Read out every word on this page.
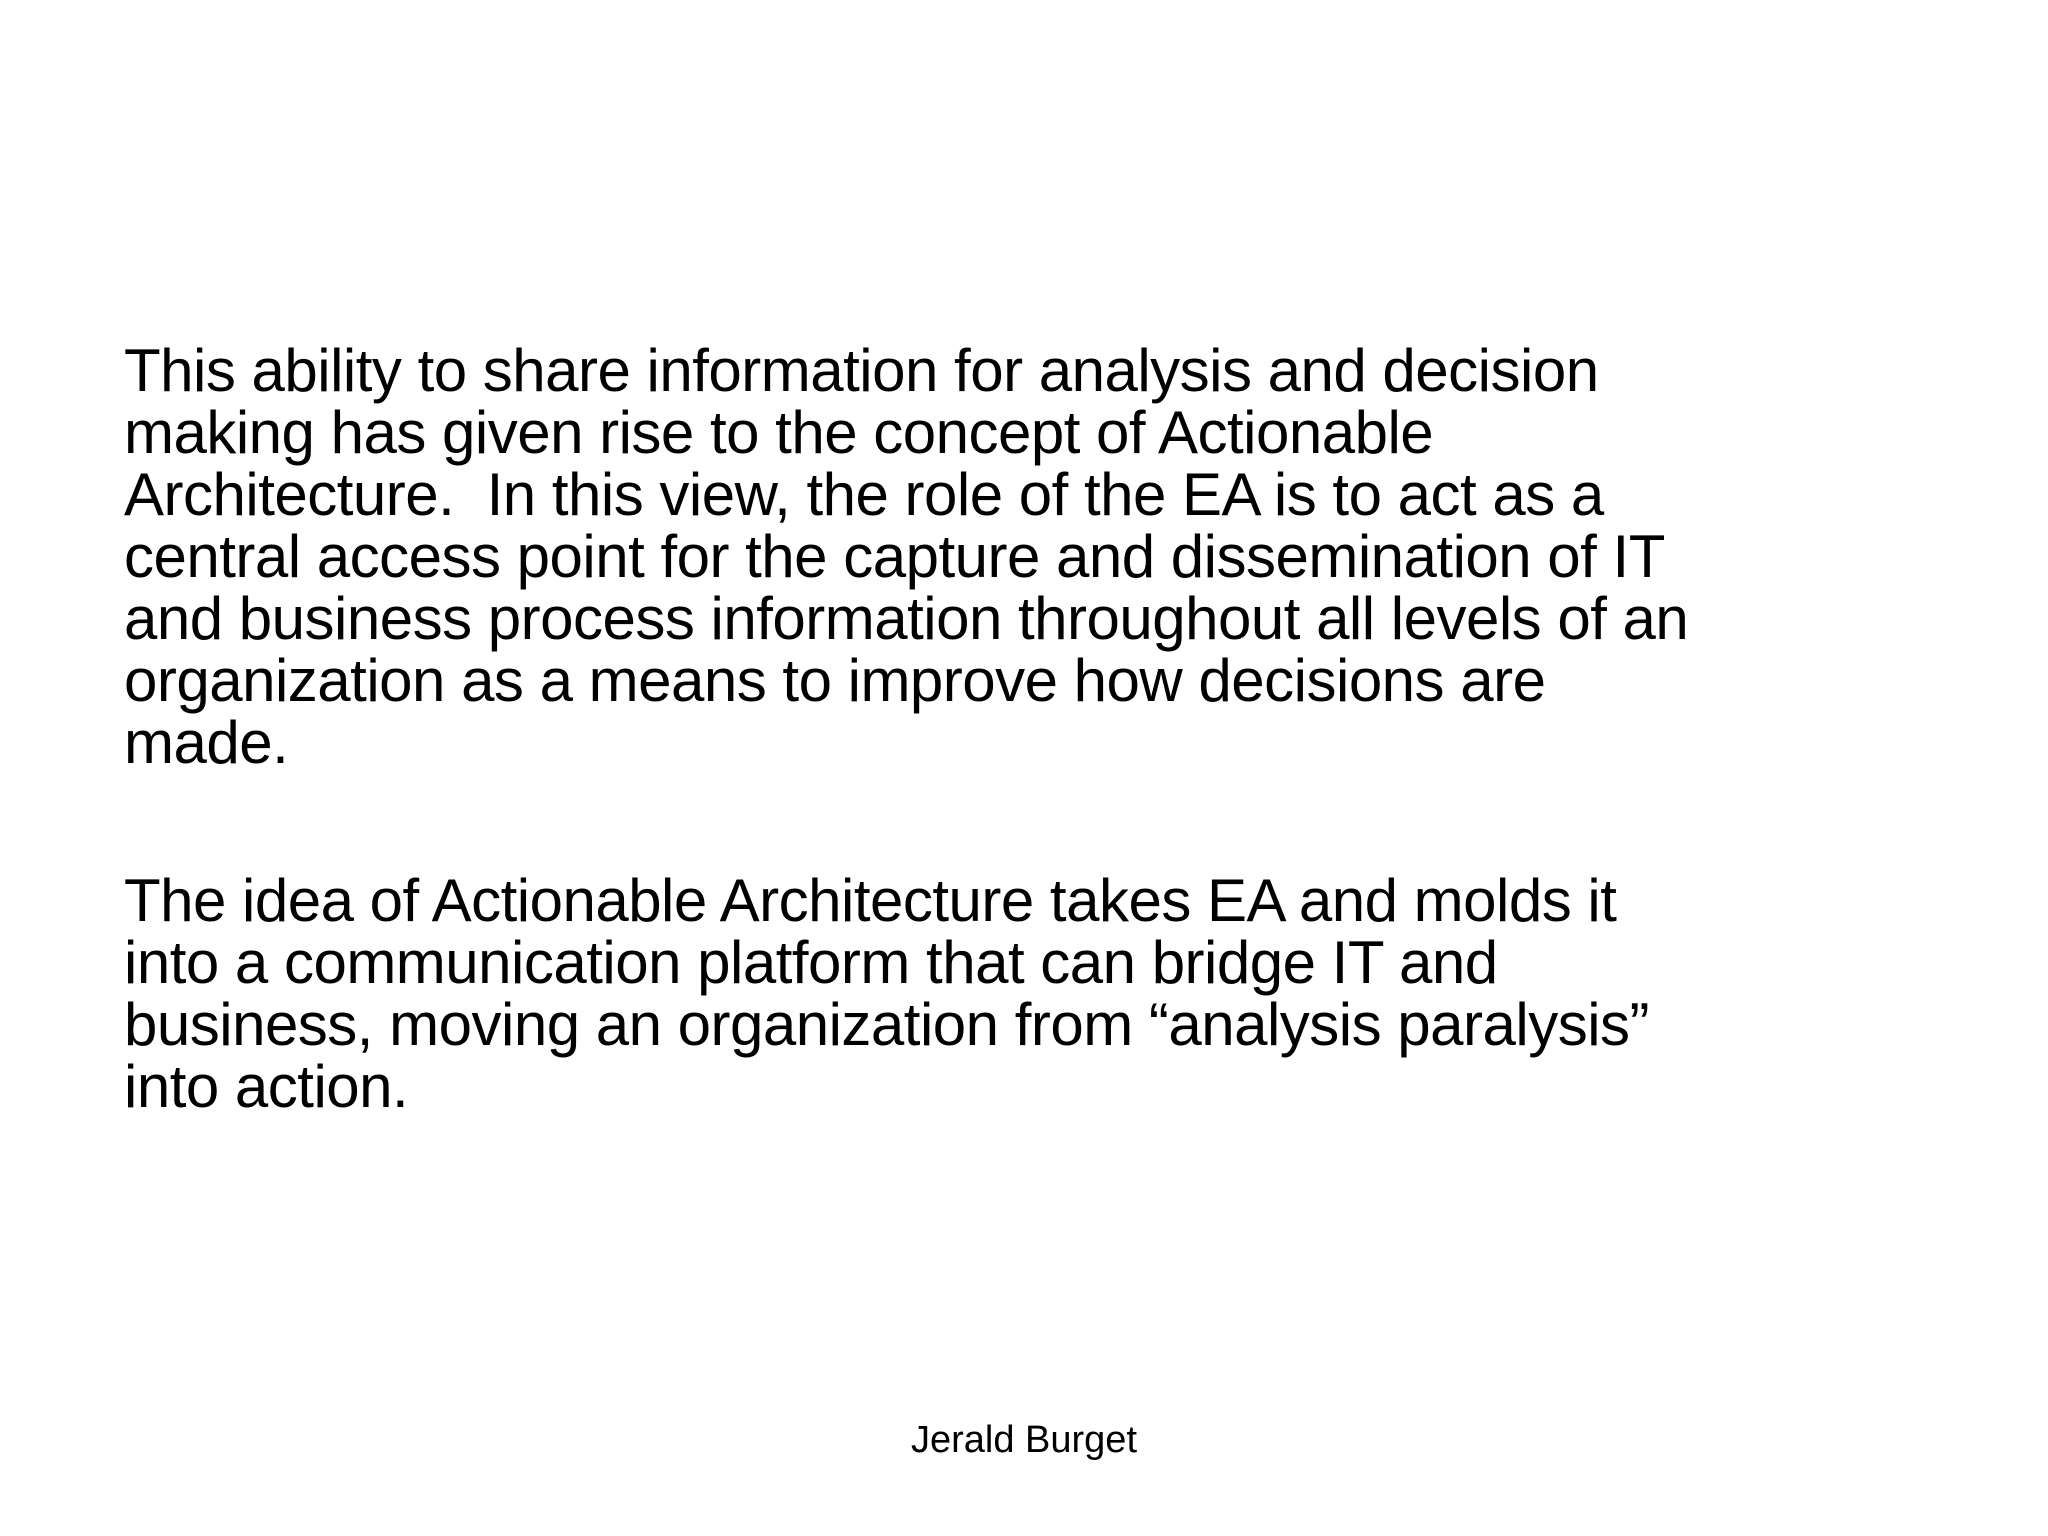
This ability to share information for analysis and decision
making has given rise to the concept of Actionable
Architecture.  In this view, the role of the EA is to act as a
central access point for the capture and dissemination of IT
and business process information throughout all levels of an
organization as a means to improve how decisions are
made.

The idea of Actionable Architecture takes EA and molds it
into a communication platform that can bridge IT and
business, moving an organization from “analysis paralysis”
into action.

Jerald Burget
